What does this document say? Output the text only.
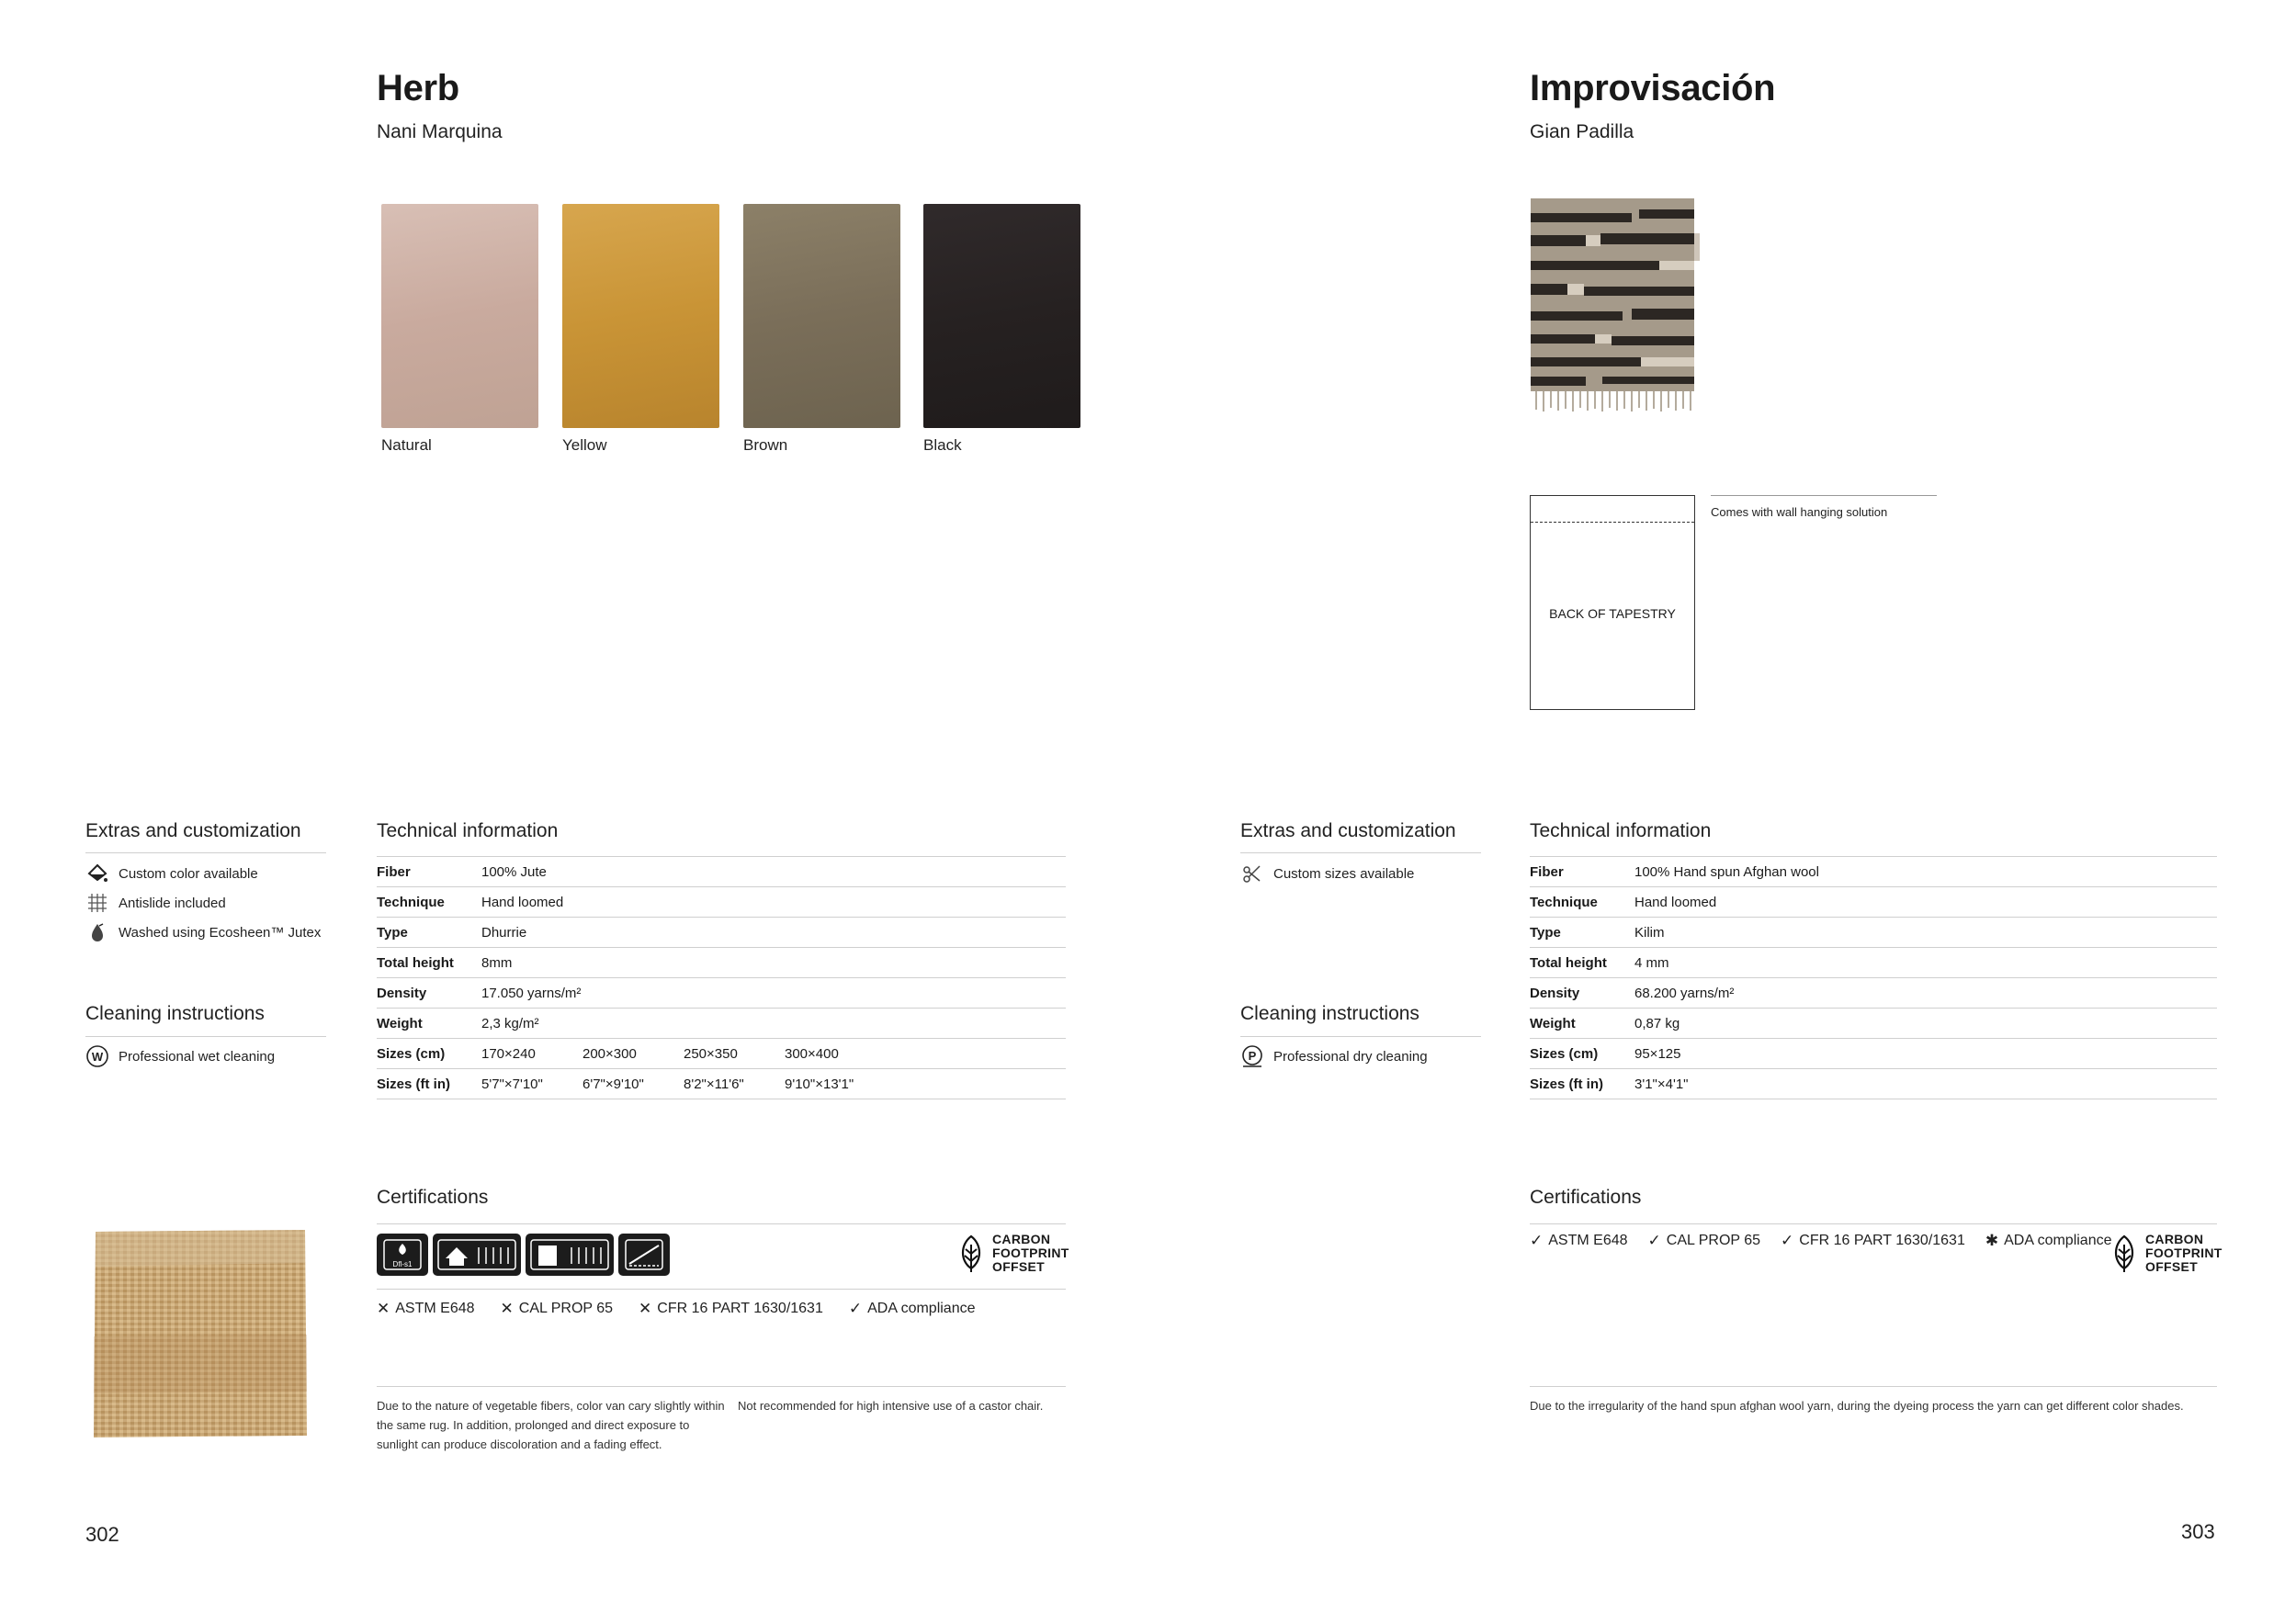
Herb
Nani Marquina
Natural	Yellow	Brown	Black
Extras and customization
Custom color available
Antislide included
Washed using Ecosheen™ Jutex
Cleaning instructions
W Professional wet cleaning
Technical information
Fiber	100% Jute
Technique	Hand loomed
Type	Dhurrie
Total height	8mm
Density	17.050 yarns/m²
Weight	2,3 kg/m²
Sizes (cm)	170×240	200×300	250×350	300×400
Sizes (ft in)	5'7"×7'10"	6'7"×9'10"	8'2"×11'6"	9'10"×13'1"
Certifications
Dfl-s1
CARBON
FOOTPRINT
OFFSET
✕ ASTM E648 ✕ CAL PROP 65 ✕ CFR 16 PART 1630/1631 ✓ ADA compliance
Due to the nature of vegetable fibers, color van cary slightly within the same rug. In addition, prolonged and direct exposure to sunlight can produce discoloration and a fading effect.
Not recommended for high intensive use of a castor chair.
302
Improvisación
Gian Padilla
BACK OF TAPESTRY
Comes with wall hanging solution
Extras and customization
Custom sizes available
Cleaning instructions
P Professional dry cleaning
Technical information
Fiber	100% Hand spun Afghan wool
Technique	Hand loomed
Type	Kilim
Total height	4 mm
Density	68.200 yarns/m²
Weight	0,87 kg
Sizes (cm)	95×125
Sizes (ft in)	3'1"×4'1"
Certifications
✓ ASTM E648 ✓ CAL PROP 65 ✓ CFR 16 PART 1630/1631 ✱ ADA compliance	CARBON
FOOTPRINT
OFFSET
Due to the irregularity of the hand spun afghan wool yarn, during the dyeing process the yarn can get different color shades.
303
